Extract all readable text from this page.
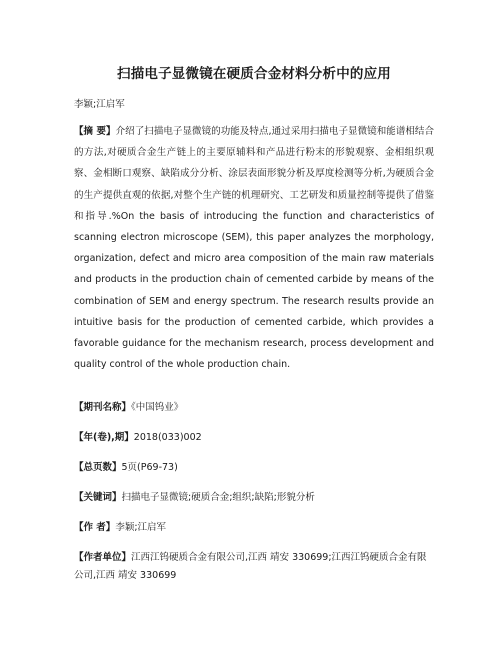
扫描电子显微镜在硬质合金材料分析中的应用
李颖;江启军
【摘 要】介绍了扫描电子显微镜的功能及特点,通过采用扫描电子显微镜和能谱相结合的方法,对硬质合金生产链上的主要原辅料和产品进行粉末的形貌观察、金相组织观察、金相断口观察、缺陷成分分析、涂层表面形貌分析及厚度检测等分析,为硬质合金的生产提供直观的依据,对整个生产链的机理研究、工艺研发和质量控制等提供了借鉴和指导.%On the basis of introducing the function and characteristics of scanning electron microscope (SEM), this paper analyzes the morphology, organization, defect and micro area composition of the main raw materials and products in the production chain of cemented carbide by means of the combination of SEM and energy spectrum. The research results provide an intuitive basis for the production of cemented carbide, which provides a favorable guidance for the mechanism research, process development and quality control of the whole production chain.
【期刊名称】《中国钨业》
【年(卷),期】2018(033)002
【总页数】5页(P69-73)
【关键词】扫描电子显微镜;硬质合金;组织;缺陷;形貌分析
【作 者】李颖;江启军
【作者单位】江西江钨硬质合金有限公司,江西 靖安 330699;江西江钨硬质合金有限公司,江西 靖安 330699
